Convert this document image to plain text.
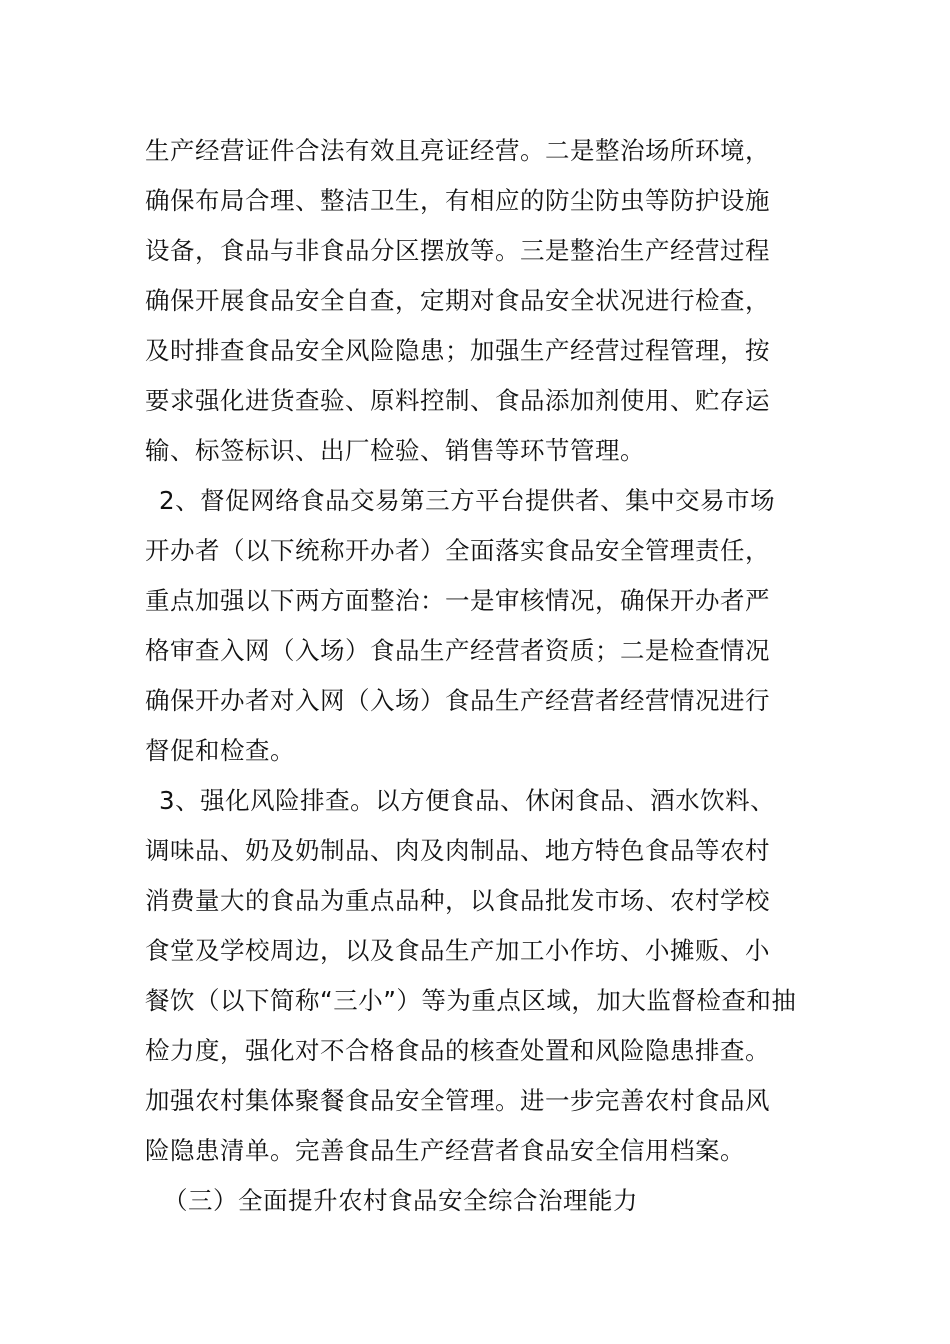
生产经营证件合法有效且亮证经营。二是整治场所环境，
确保布局合理、整洁卫生，有相应的防尘防虫等防护设施
设备，食品与非食品分区摆放等。三是整治生产经营过程
确保开展食品安全自查，定期对食品安全状况进行检查，
及时排查食品安全风险隐患；加强生产经营过程管理，按
要求强化进货查验、原料控制、食品添加剂使用、贮存运
输、标签标识、出厂检验、销售等环节管理。
2、督促网络食品交易第三方平台提供者、集中交易市场
开办者（以下统称开办者）全面落实食品安全管理责任，
重点加强以下两方面整治：一是审核情况，确保开办者严
格审查入网（入场）食品生产经营者资质；二是检查情况
确保开办者对入网（入场）食品生产经营者经营情况进行
督促和检查。
3、强化风险排查。以方便食品、休闲食品、酒水饮料、
调味品、奶及奶制品、肉及肉制品、地方特色食品等农村
消费量大的食品为重点品种，以食品批发市场、农村学校
食堂及学校周边，以及食品生产加工小作坊、小摊贩、小
餐饮（以下简称“三小”）等为重点区域，加大监督检查和抽
检力度，强化对不合格食品的核查处置和风险隐患排查。
加强农村集体聚餐食品安全管理。进一步完善农村食品风
险隐患清单。完善食品生产经营者食品安全信用档案。
（三）全面提升农村食品安全综合治理能力
